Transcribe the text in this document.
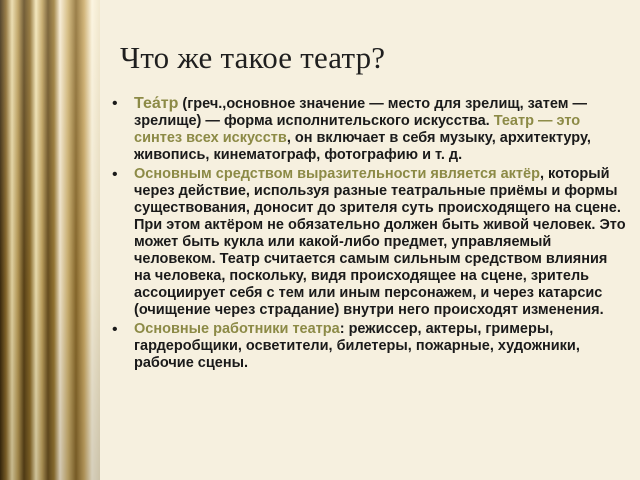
Что же такое театр?
• Теа́тр (греч.,основное значение — место для зрелищ, затем — зрелище) — форма исполнительского искусства. Театр — это синтез всех искусств, он включает в себя музыку, архитектуру, живопись, кинематограф, фотографию и т. д.
• Основным средством выразительности является актёр, который через действие, используя разные театральные приёмы и формы существования, доносит до зрителя суть происходящего на сцене. При этом актёром не обязательно должен быть живой человек. Это может быть кукла или какой-либо предмет, управляемый человеком. Театр считается самым сильным средством влияния на человека, поскольку, видя происходящее на сцене, зритель ассоциирует себя с тем или иным персонажем, и через катарсис (очищение через страдание) внутри него происходят изменения.
• Основные работники театра: режиссер, актеры, гримеры, гардеробщики, осветители, билетеры, пожарные, художники, рабочие сцены.
